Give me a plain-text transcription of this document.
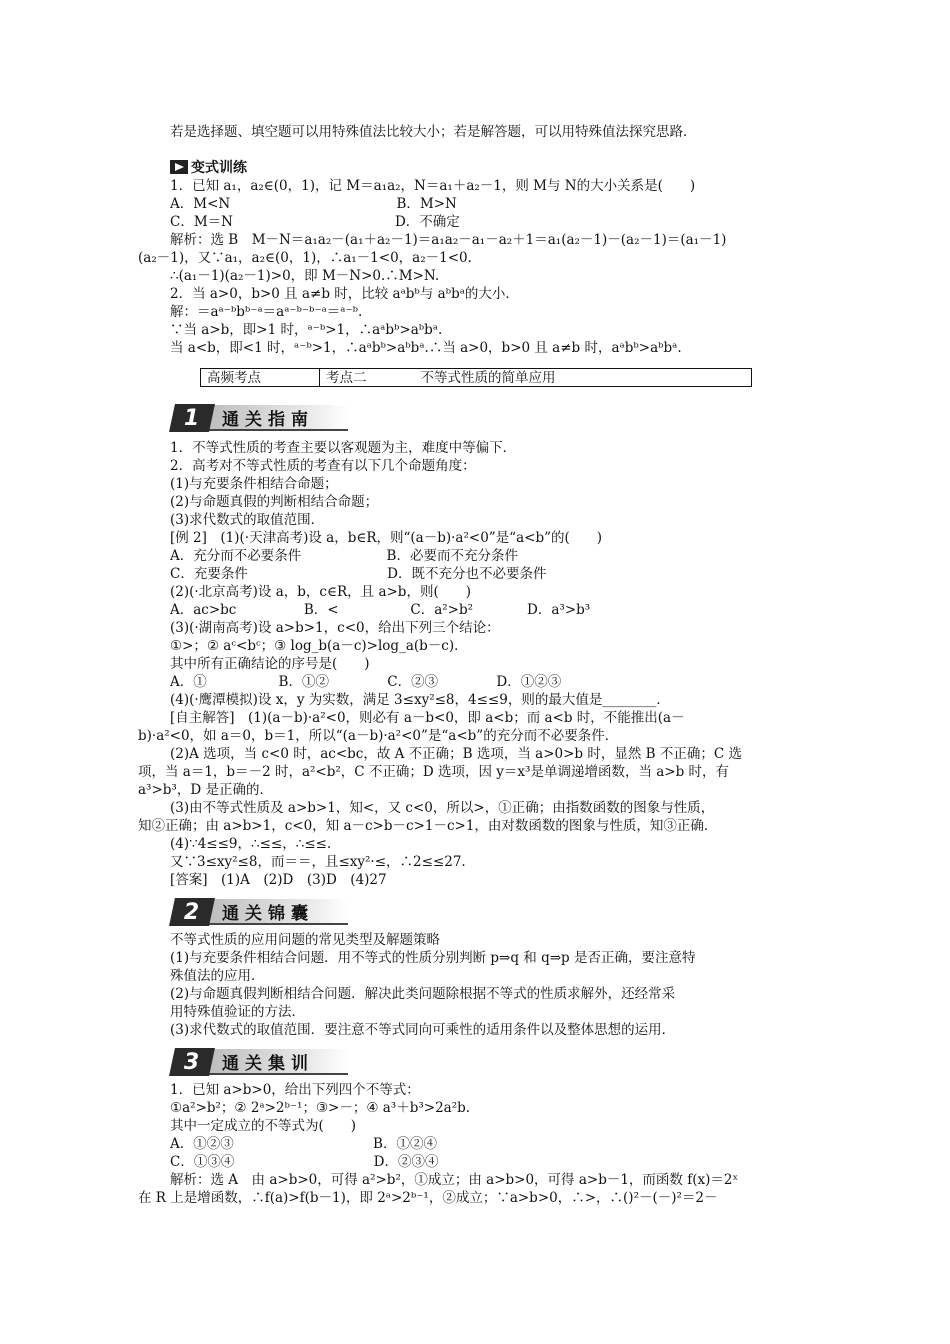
若是选择题、填空题可以用特殊值法比较大小；若是解答题，可以用特殊值法探究思路．
变式训练
1．已知 a₁，a₂∈(0，1)，记 M＝a₁a₂，N＝a₁＋a₂－1，则 M与 N的大小关系是(　　)
A．M<N　　　　　　　　　　　　 B．M>N
C．M＝N　　　　　　　　　　　　D．不确定
解析：选 B　M－N＝a₁a₂－(a₁＋a₂－1)＝a₁a₂－a₁－a₂＋1＝a₁(a₂－1)－(a₂－1)＝(a₁－1)
(a₂－1)，又∵a₁，a₂∈(0，1)，∴a₁－1<0，a₂－1<0.
∴(a₁－1)(a₂－1)>0，即 M－N>0.∴M>N.
2．当 a>0，b>0 且 a≠b 时，比较 aᵃbᵇ与 aᵇbᵃ的大小．
解：＝aᵃ⁻ᵇbᵇ⁻ᵃ＝aᵃ⁻ᵇ⁻ᵇ⁻ᵃ＝ᵃ⁻ᵇ.
∵当 a>b，即>1 时，ᵃ⁻ᵇ>1，∴aᵃbᵇ>aᵇbᵃ.
当 a<b，即<1 时，ᵃ⁻ᵇ>1，∴aᵃbᵇ>aᵇbᵃ.∴当 a>0，b>0 且 a≠b 时，aᵃbᵇ>aᵇbᵃ.
高频考点	考点二　　　　不等式性质的简单应用
1	通关指南
1．不等式性质的考查主要以客观题为主，难度中等偏下．
2．高考对不等式性质的考查有以下几个命题角度：
(1)与充要条件相结合命题；
(2)与命题真假的判断相结合命题；
(3)求代数式的取值范围．
[例 2]　(1)(·天津高考)设 a，b∈R，则“(a－b)·a²<0”是“a<b”的(　　)
A．充分而不必要条件　　　　　　 B．必要而不充分条件
C．充要条件　　　　　　　　　　 D．既不充分也不必要条件
(2)(·北京高考)设 a，b，c∈R，且 a>b，则(　　)
A．ac>bc　　　　　B．<　　　　　 C．a²>b²　　　　D．a³>b³
(3)(·湖南高考)设 a>b>1，c<0，给出下列三个结论：
①>；② aᶜ<bᶜ；③ log_b(a－c)>log_a(b－c)．
其中所有正确结论的序号是(　　)
A．①　　　　　 B．①②　　　　 C．②③　　　　 D．①②③
(4)(·鹰潭模拟)设 x，y 为实数，满足 3≤xy²≤8，4≤≤9，则的最大值是________．
[自主解答]　(1)(a－b)·a²<0，则必有 a－b<0，即 a<b；而 a<b 时，不能推出(a－
b)·a²<0，如 a＝0，b＝1，所以“(a－b)·a²<0”是“a<b”的充分而不必要条件．
(2)A 选项，当 c<0 时，ac<bc，故 A 不正确；B 选项，当 a>0>b 时，显然 B 不正确；C 选
项，当 a＝1，b＝－2 时，a²<b²，C 不正确；D 选项，因 y＝x³是单调递增函数，当 a>b 时，有
a³>b³，D 是正确的．
(3)由不等式性质及 a>b>1，知<，又 c<0，所以>，①正确；由指数函数的图象与性质，
知②正确；由 a>b>1，c<0，知 a－c>b－c>1－c>1，由对数函数的图象与性质，知③正确．
(4)∵4≤≤9，∴≤≤，∴≤≤.
又∵3≤xy²≤8，而＝＝，且≤xy²·≤，∴2≤≤27.
[答案]　(1)A　(2)D　(3)D　(4)27
2	通关锦囊
不等式性质的应用问题的常见类型及解题策略
(1)与充要条件相结合问题．用不等式的性质分别判断 p⇒q 和 q⇒p 是否正确，要注意特
殊值法的应用．
(2)与命题真假判断相结合问题．解决此类问题除根据不等式的性质求解外，还经常采
用特殊值验证的方法．
(3)求代数式的取值范围．要注意不等式同向可乘性的适用条件以及整体思想的运用．
3	通关集训
1．已知 a>b>0，给出下列四个不等式：
①a²>b²；② 2ᵃ>2ᵇ⁻¹；③>－；④ a³＋b³>2a²b.
其中一定成立的不等式为(　　)
A．①②③　　　　　　　　　　 B．①②④
C．①③④　　　　　　　　　　 D．②③④
解析：选 A　由 a>b>0，可得 a²>b²，①成立；由 a>b>0，可得 a>b－1，而函数 f(x)＝2ˣ
在 R 上是增函数，∴f(a)>f(b－1)，即 2ᵃ>2ᵇ⁻¹，②成立；∵a>b>0，∴>，∴()²－(－)²＝2－
